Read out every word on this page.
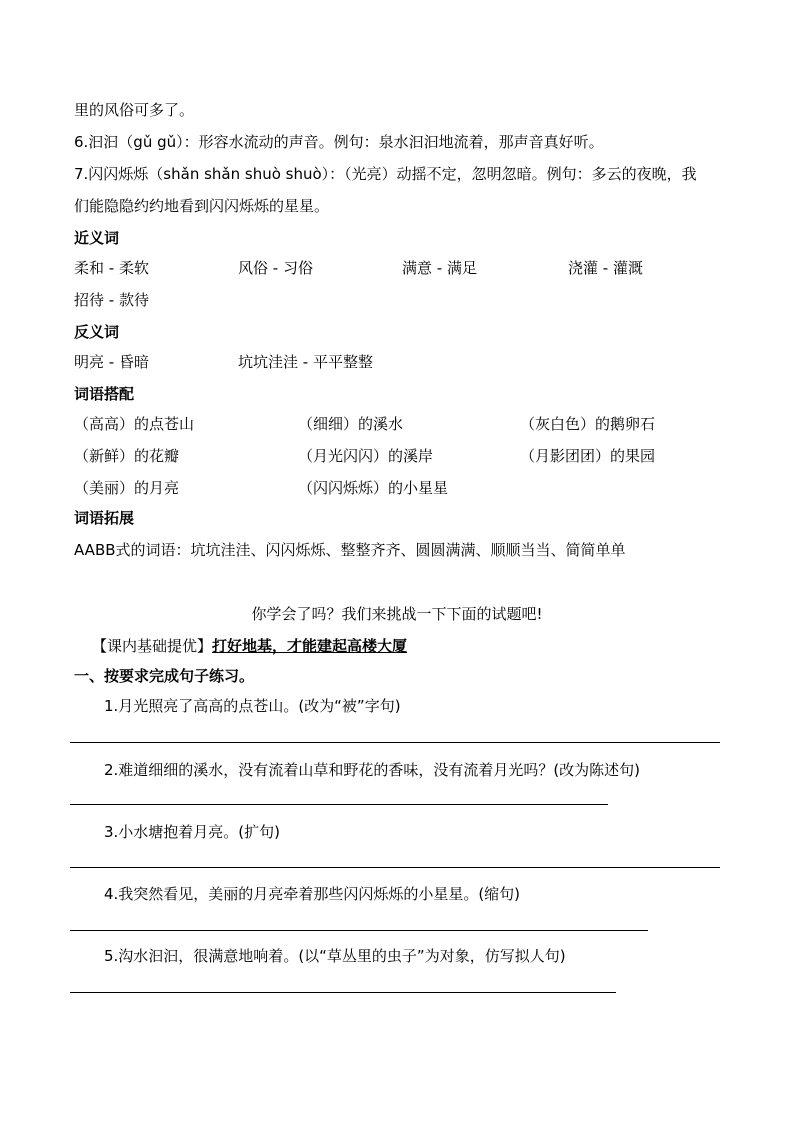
里的风俗可多了。
6.汩汩（gǔ gǔ）：形容水流动的声音。例句：泉水汩汩地流着，那声音真好听。
7.闪闪烁烁（shǎn shǎn shuò shuò）：（光亮）动摇不定，忽明忽暗。例句：多云的夜晚，我
们能隐隐约约地看到闪闪烁烁的星星。
近义词
柔和 - 柔软	风俗 - 习俗	满意 - 满足	浇灌 - 灌溉
招待 - 款待
反义词
明亮 - 昏暗	坑坑洼洼 - 平平整整
词语搭配
（高高）的点苍山	（细细）的溪水	（灰白色）的鹅卵石
（新鲜）的花瓣	（月光闪闪）的溪岸	（月影团团）的果园
（美丽）的月亮	（闪闪烁烁）的小星星
词语拓展
AABB式的词语：坑坑洼洼、闪闪烁烁、整整齐齐、圆圆满满、顺顺当当、简简单单
你学会了吗？我们来挑战一下下面的试题吧!
【课内基础提优】打好地基，才能建起高楼大厦
一、按要求完成句子练习。
1.月光照亮了高高的点苍山。(改为“被”字句)
2.难道细细的溪水，没有流着山草和野花的香味，没有流着月光吗？(改为陈述句)
3.小水塘抱着月亮。(扩句)
4.我突然看见，美丽的月亮牵着那些闪闪烁烁的小星星。(缩句)
5.沟水汩汩，很满意地响着。(以“草丛里的虫子”为对象，仿写拟人句)
